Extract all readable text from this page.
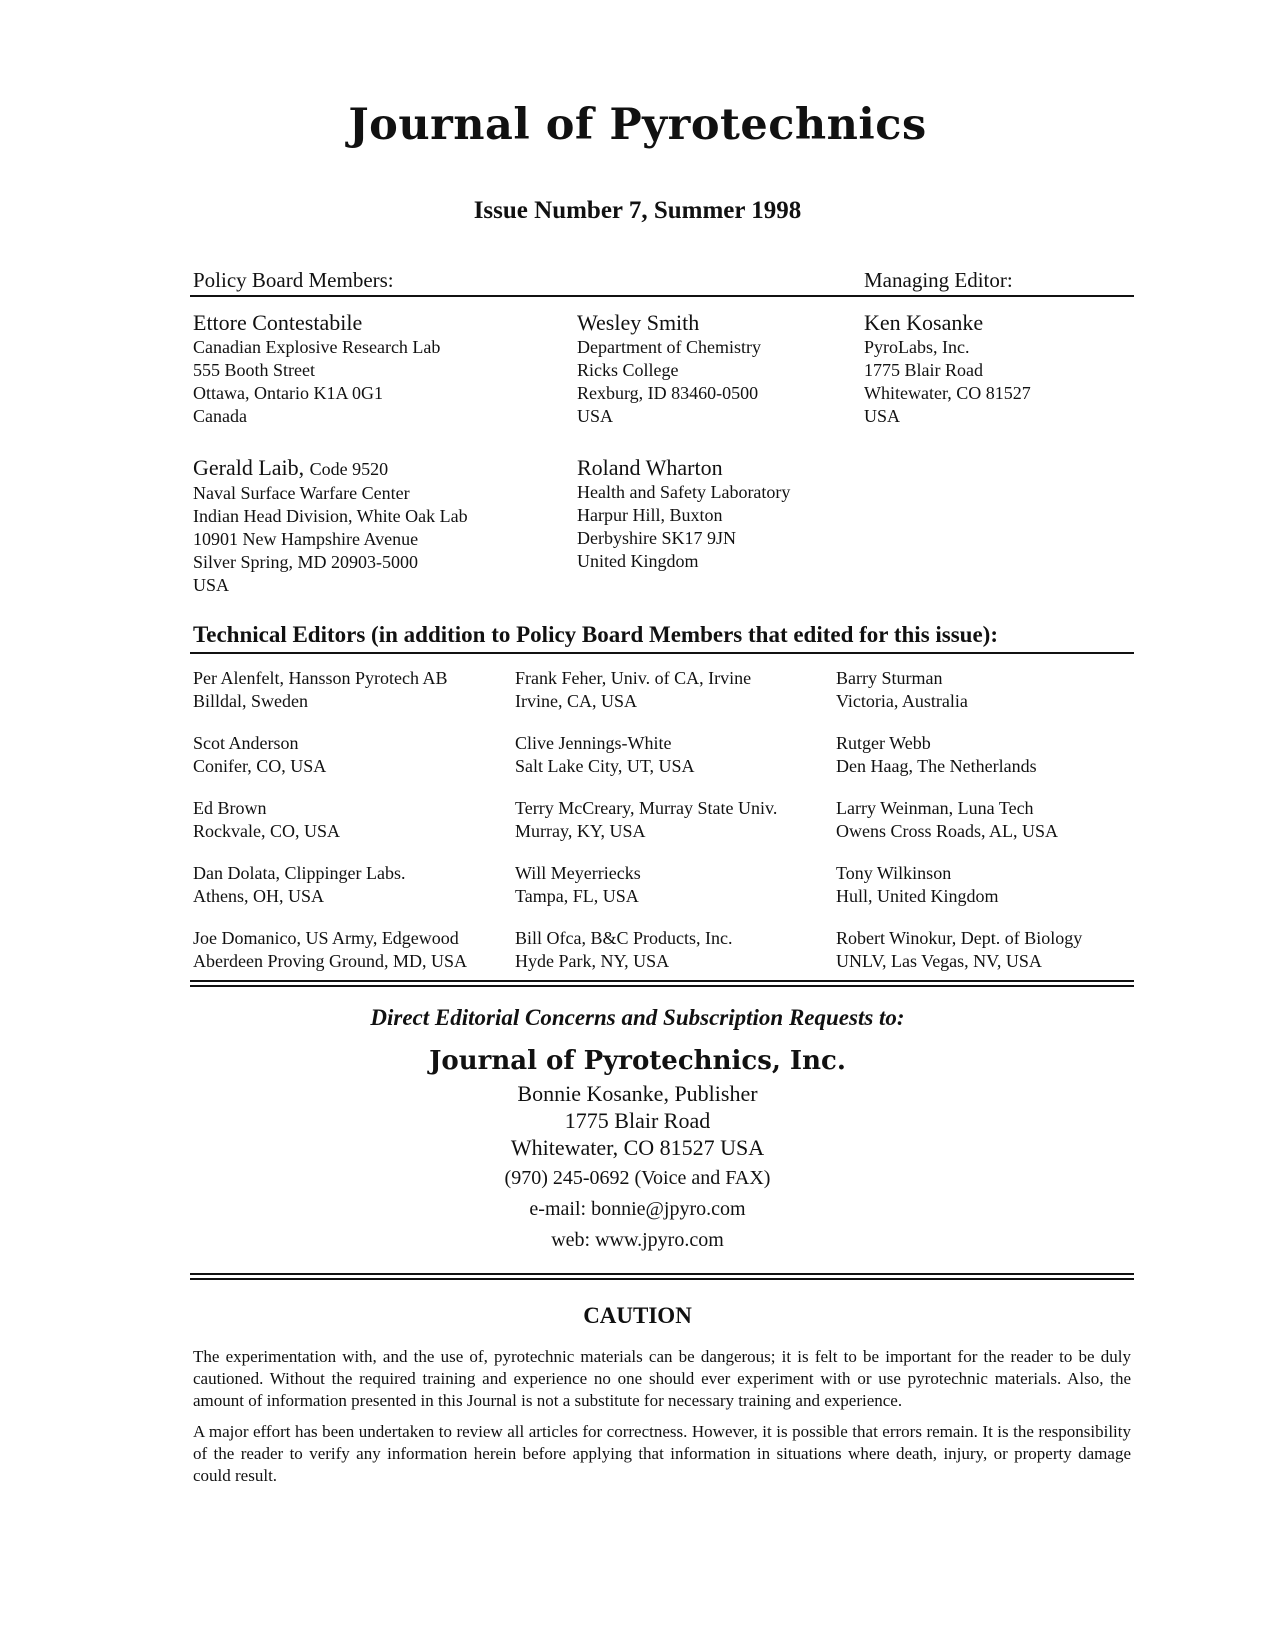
Journal of Pyrotechnics
Issue Number 7, Summer 1998
Policy Board Members:	Managing Editor:
Ettore Contestabile
Canadian Explosive Research Lab
555 Booth Street
Ottawa, Ontario K1A 0G1
Canada
Wesley Smith
Department of Chemistry
Ricks College
Rexburg, ID 83460-0500
USA
Ken Kosanke
PyroLabs, Inc.
1775 Blair Road
Whitewater, CO 81527
USA
Gerald Laib, Code 9520
Naval Surface Warfare Center
Indian Head Division, White Oak Lab
10901 New Hampshire Avenue
Silver Spring, MD 20903-5000
USA
Roland Wharton
Health and Safety Laboratory
Harpur Hill, Buxton
Derbyshire SK17 9JN
United Kingdom
Technical Editors (in addition to Policy Board Members that edited for this issue):
Per Alenfelt, Hansson Pyrotech AB
Billdal, Sweden
Frank Feher, Univ. of CA, Irvine
Irvine, CA, USA
Barry Sturman
Victoria, Australia
Scot Anderson
Conifer, CO, USA
Clive Jennings-White
Salt Lake City, UT, USA
Rutger Webb
Den Haag, The Netherlands
Ed Brown
Rockvale, CO, USA
Terry McCreary, Murray State Univ.
Murray, KY, USA
Larry Weinman, Luna Tech
Owens Cross Roads, AL, USA
Dan Dolata, Clippinger Labs.
Athens, OH, USA
Will Meyerriecks
Tampa, FL, USA
Tony Wilkinson
Hull, United Kingdom
Joe Domanico, US Army, Edgewood
Aberdeen Proving Ground, MD, USA
Bill Ofca, B&C Products, Inc.
Hyde Park, NY, USA
Robert Winokur, Dept. of Biology
UNLV, Las Vegas, NV, USA
Direct Editorial Concerns and Subscription Requests to:
Journal of Pyrotechnics, Inc.
Bonnie Kosanke, Publisher
1775 Blair Road
Whitewater, CO 81527 USA
(970) 245-0692 (Voice and FAX)
e-mail: bonnie@jpyro.com
web: www.jpyro.com
CAUTION

The experimentation with, and the use of, pyrotechnic materials can be dangerous; it is felt to be important for the reader to be duly cautioned. Without the required training and experience no one should ever experiment with or use pyrotechnic materials. Also, the amount of information presented in this Journal is not a substitute for necessary training and experience.

A major effort has been undertaken to review all articles for correctness. However, it is possible that errors remain. It is the responsibility of the reader to verify any information herein before applying that information in situations where death, injury, or property damage could result.
